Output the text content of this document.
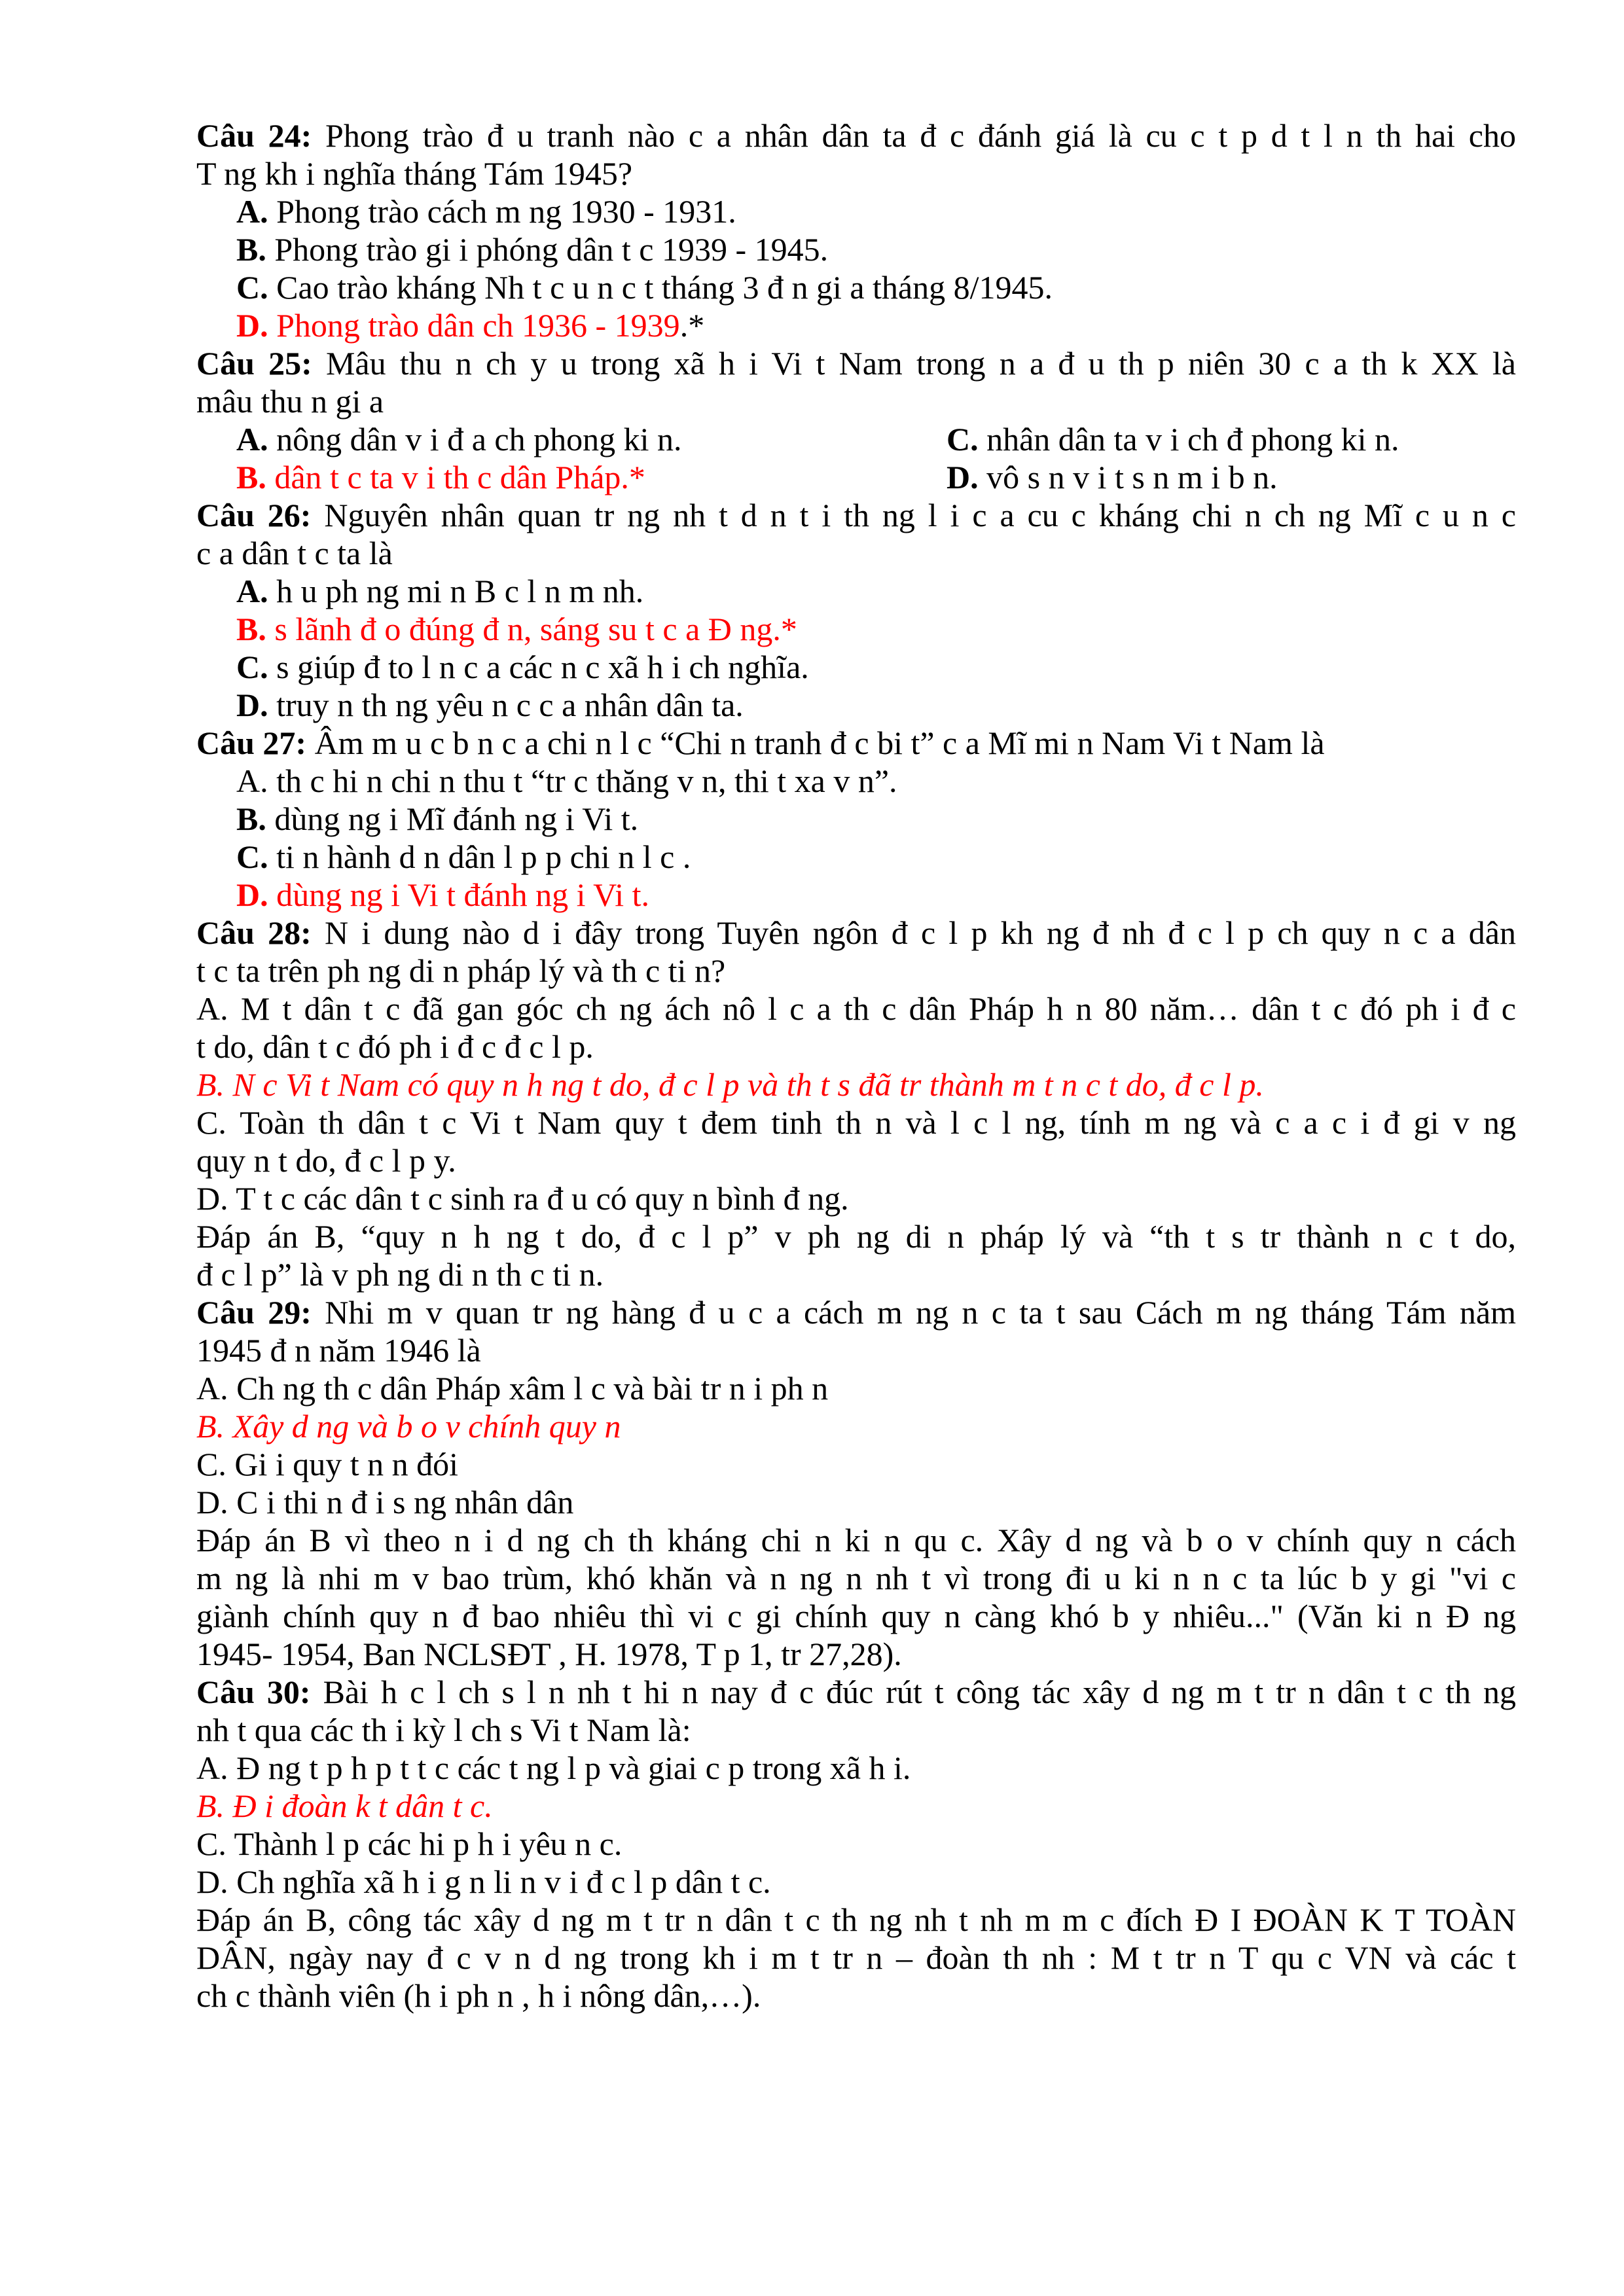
Câu 24: Phong trào đ u tranh nào c a nhân dân ta đ c đánh giá là cu c t p d t l n th hai cho
T ng kh i nghĩa tháng Tám 1945?
A. Phong trào cách m ng 1930 - 1931.
B. Phong trào gi i phóng dân t c 1939 - 1945.
C. Cao trào kháng Nh t c u n c t tháng 3 đ n gi a tháng 8/1945.
D. Phong trào dân ch 1936 - 1939.*
Câu 25: Mâu thu n ch y u trong xã h i Vi t Nam trong n a đ u th p niên 30 c a th k XX là
mâu thu n gi a
A. nông dân v i đ a ch phong ki n.	C. nhân dân ta v i ch đ phong ki n.
B. dân t c ta v i th c dân Pháp.*	D. vô s n v i t s n m i b n.
Câu 26: Nguyên nhân quan tr ng nh t d n t i th ng l i c a cu c kháng chi n ch ng Mĩ c u n c
c a dân t c ta là
A. h u ph ng mi n B c l n m nh.
B. s lãnh đ o đúng đ n, sáng su t c a Đ ng.*
C. s giúp đ to l n c a các n c xã h i ch nghĩa.
D. truy n th ng yêu n c c a nhân dân ta.
Câu 27: Âm m u c b n c a chi n l c “Chi n tranh đ c bi t” c a Mĩ mi n Nam Vi t Nam là
A. th c hi n chi n thu t “tr c thăng v n, thi t xa v n”.
B. dùng ng i Mĩ đánh ng i Vi t.
C. ti n hành d n dân l p p chi n l c .
D. dùng ng i Vi t đánh ng i Vi t.
Câu 28: N i dung nào d i đây trong Tuyên ngôn đ c l p kh ng đ nh đ c l p ch quy n c a dân
t c ta trên ph ng di n pháp lý và th c ti n?
A. M t dân t c đã gan góc ch ng ách nô l c a th c dân Pháp h n 80 năm… dân t c đó ph i đ c
t do, dân t c đó ph i đ c đ c l p.
B. N c Vi t Nam có quy n h ng t do, đ c l p và th t s đã tr thành m t n c t do, đ c l p.
C. Toàn th dân t c Vi t Nam quy t đem tinh th n và l c l ng, tính m ng và c a c i đ gi v ng
quy n t do, đ c l p y.
D. T t c các dân t c sinh ra đ u có quy n bình đ ng.
Đáp án B, “quy n h ng t do, đ c l p” v ph ng di n pháp lý và “th t s tr thành n c t do,
đ c l p” là v ph ng di n th c ti n.
Câu 29: Nhi m v quan tr ng hàng đ u c a cách m ng n c ta t sau Cách m ng tháng Tám năm
1945 đ n năm 1946 là
A. Ch ng th c dân Pháp xâm l c và bài tr n i ph n
B. Xây d ng và b o v chính quy n
C. Gi i quy t n n đói
D. C i thi n đ i s ng nhân dân
Đáp án B vì theo n i d ng ch th kháng chi n ki n qu c. Xây d ng và b o v chính quy n cách
m ng là nhi m v bao trùm, khó khăn và n ng n nh t vì trong đi u ki n n c ta lúc b y gi "vi c
giành chính quy n đ bao nhiêu thì vi c gi chính quy n càng khó b y nhiêu..." (Văn ki n Đ ng
1945- 1954, Ban NCLSĐT , H. 1978, T p 1, tr 27,28).
Câu 30: Bài h c l ch s l n nh t hi n nay đ c đúc rút t công tác xây d ng m t tr n dân t c th ng
nh t qua các th i kỳ l ch s Vi t Nam là:
A. Đ ng t p h p t t c các t ng l p và giai c p trong xã h i.
B. Đ i đoàn k t dân t c.
C. Thành l p các hi p h i yêu n c.
D. Ch nghĩa xã h i g n li n v i đ c l p dân t c.
Đáp án B, công tác xây d ng m t tr n dân t c th ng nh t nh m m c đích Đ I ĐOÀN K T TOÀN
DÂN, ngày nay đ c v n d ng trong kh i m t tr n – đoàn th nh : M t tr n T qu c VN và các t
ch c thành viên (h i ph n , h i nông dân,…).
